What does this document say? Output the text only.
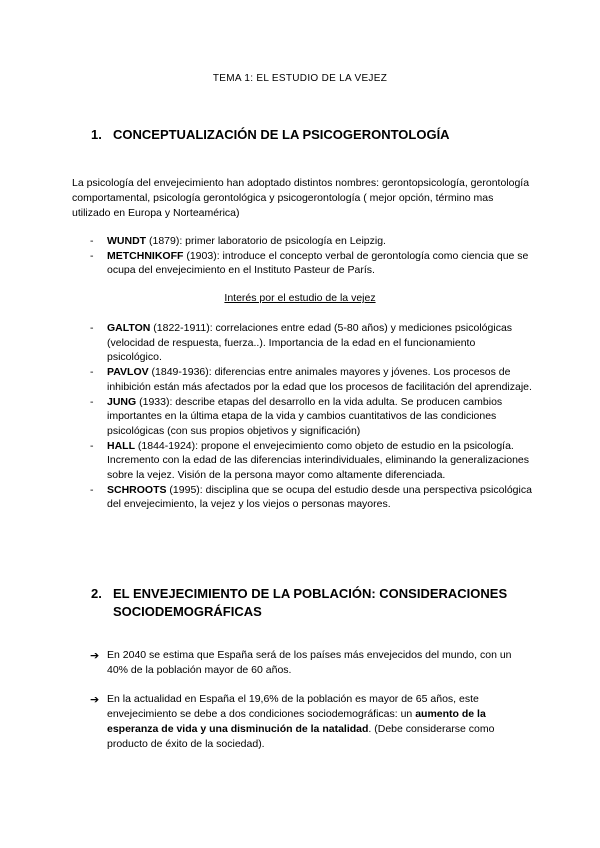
TEMA 1: EL ESTUDIO DE LA VEJEZ
1. CONCEPTUALIZACIÓN DE LA PSICOGERONTOLOGÍA
La psicología del envejecimiento han adoptado distintos nombres: gerontopsicología, gerontología comportamental, psicología gerontológica y psicogerontología ( mejor opción, término mas utilizado en Europa y Norteamérica)
-	WUNDT (1879): primer laboratorio de psicología en Leipzig.
-	METCHNIKOFF (1903): introduce el concepto verbal de gerontología como ciencia que se ocupa del envejecimiento en el Instituto Pasteur de París.
Interés por el estudio de la vejez
-	GALTON (1822-1911): correlaciones entre edad (5-80 años) y mediciones psicológicas (velocidad de respuesta, fuerza..). Importancia de la edad en el funcionamiento psicológico.
-	PAVLOV (1849-1936): diferencias entre animales mayores y jóvenes. Los procesos de inhibición están más afectados por la edad que los procesos de facilitación del aprendizaje.
-	JUNG (1933): describe etapas del desarrollo en la vida adulta. Se producen cambios importantes en la última etapa de la vida y cambios cuantitativos de las condiciones psicológicas (con sus propios objetivos y significación)
-	HALL (1844-1924): propone el envejecimiento como objeto de estudio en la psicología. Incremento con la edad de las diferencias interindividuales, eliminando la generalizaciones sobre la vejez. Visión de la persona mayor como altamente diferenciada.
-	SCHROOTS (1995): disciplina que se ocupa del estudio desde una perspectiva psicológica del envejecimiento, la vejez y los viejos o personas mayores.
2. EL ENVEJECIMIENTO DE LA POBLACIÓN: CONSIDERACIONES SOCIODEMOGRÁFICAS
➔ En 2040 se estima que España será de los países más envejecidos del mundo, con un 40% de la población mayor de 60 años.
➔ En la actualidad en España el 19,6% de la población es mayor de 65 años, este envejecimiento se debe a dos condiciones sociodemográficas: un aumento de la esperanza de vida y una disminución de la natalidad. (Debe considerarse como producto de éxito de la sociedad).
